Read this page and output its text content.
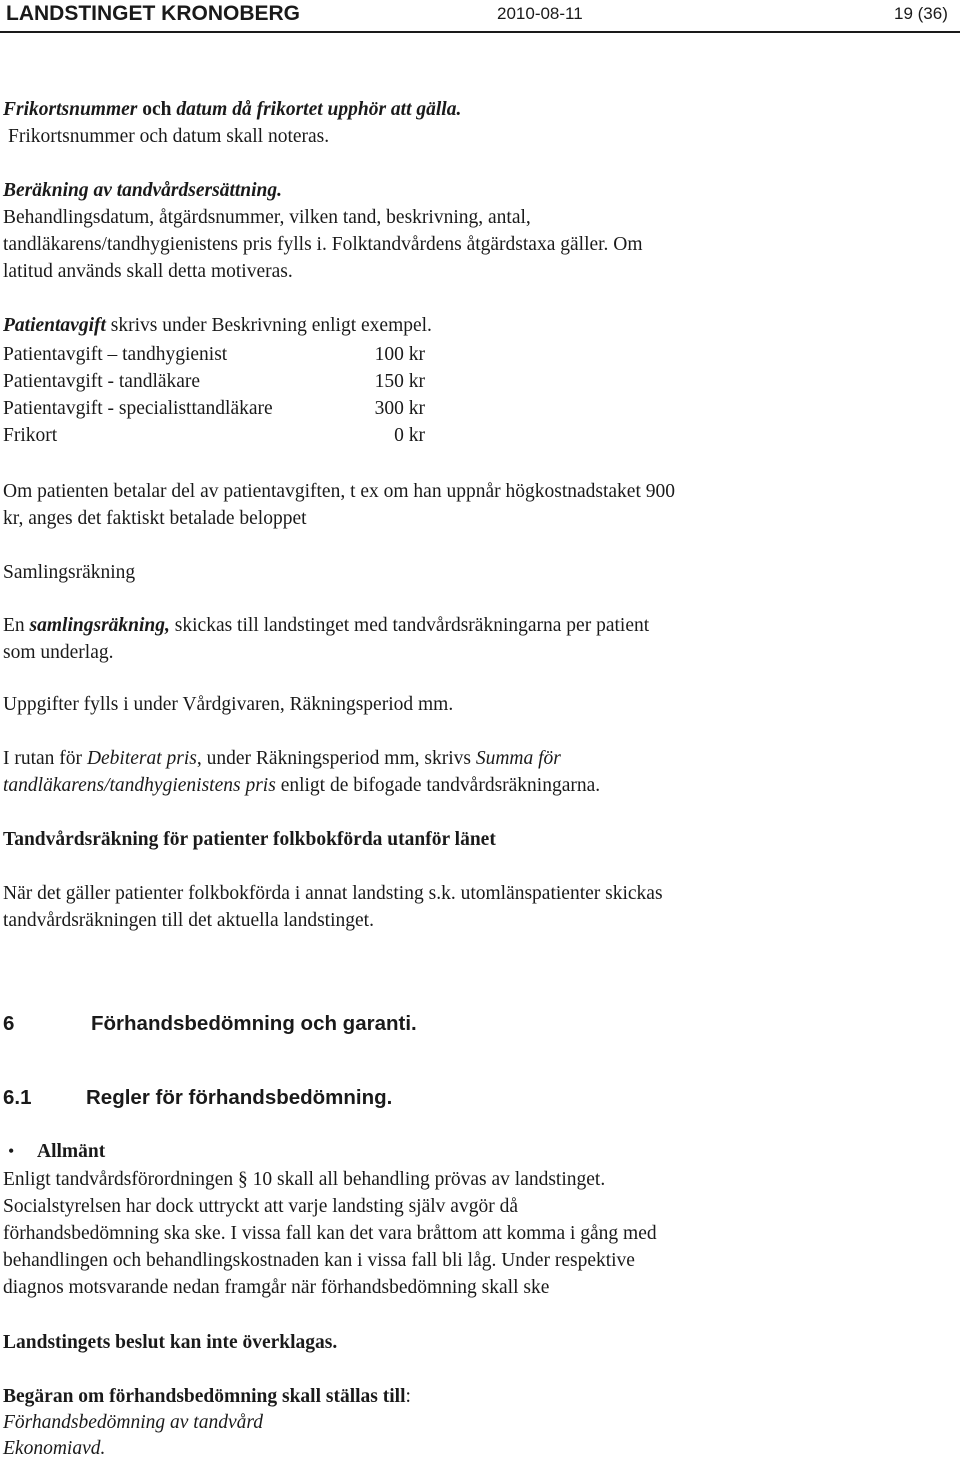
LANDSTINGET KRONOBERG	2010-08-11	19 (36)
Frikortsnummer och datum då frikortet upphör att gälla.
Frikortsnummer och datum skall noteras.
Beräkning av tandvårdsersättning.
Behandlingsdatum, åtgärdsnummer, vilken tand, beskrivning, antal,
tandläkarens/tandhygienistens pris fylls i. Folktandvårdens åtgärdstaxa gäller. Om
latitud används skall detta motiveras.
Patientavgift skrivs under Beskrivning enligt exempel.
Patientavgift – tandhygienist	100 kr
Patientavgift - tandläkare	150 kr
Patientavgift - specialisttandläkare	300 kr
Frikort	0 kr
Om patienten betalar del av patientavgiften, t ex om han uppnår högkostnadstaket 900
kr, anges det faktiskt betalade beloppet
Samlingsräkning
En samlingsräkning, skickas till landstinget med tandvårdsräkningarna per patient
som underlag.
Uppgifter fylls i under Vårdgivaren, Räkningsperiod mm.
I rutan för Debiterat pris, under Räkningsperiod mm, skrivs Summa för
tandläkarens/tandhygienistens pris enligt de bifogade tandvårdsräkningarna.
Tandvårdsräkning för patienter folkbokförda utanför länet
När det gäller patienter folkbokförda i annat landsting s.k. utomlänspatienter skickas
tandvårdsräkningen till det aktuella landstinget.
6	Förhandsbedömning och garanti.
6.1	Regler för förhandsbedömning.
• Allmänt
Enligt tandvårdsförordningen § 10 skall all behandling prövas av landstinget.
Socialstyrelsen har dock uttryckt att varje landsting själv avgör då
förhandsbedömning ska ske. I vissa fall kan det vara bråttom att komma i gång med
behandlingen och behandlingskostnaden kan i vissa fall bli låg. Under respektive
diagnos motsvarande nedan framgår när förhandsbedömning skall ske
Landstingets beslut kan inte överklagas.
Begäran om förhandsbedömning skall ställas till:
Förhandsbedömning av tandvård
Ekonomiavd.
